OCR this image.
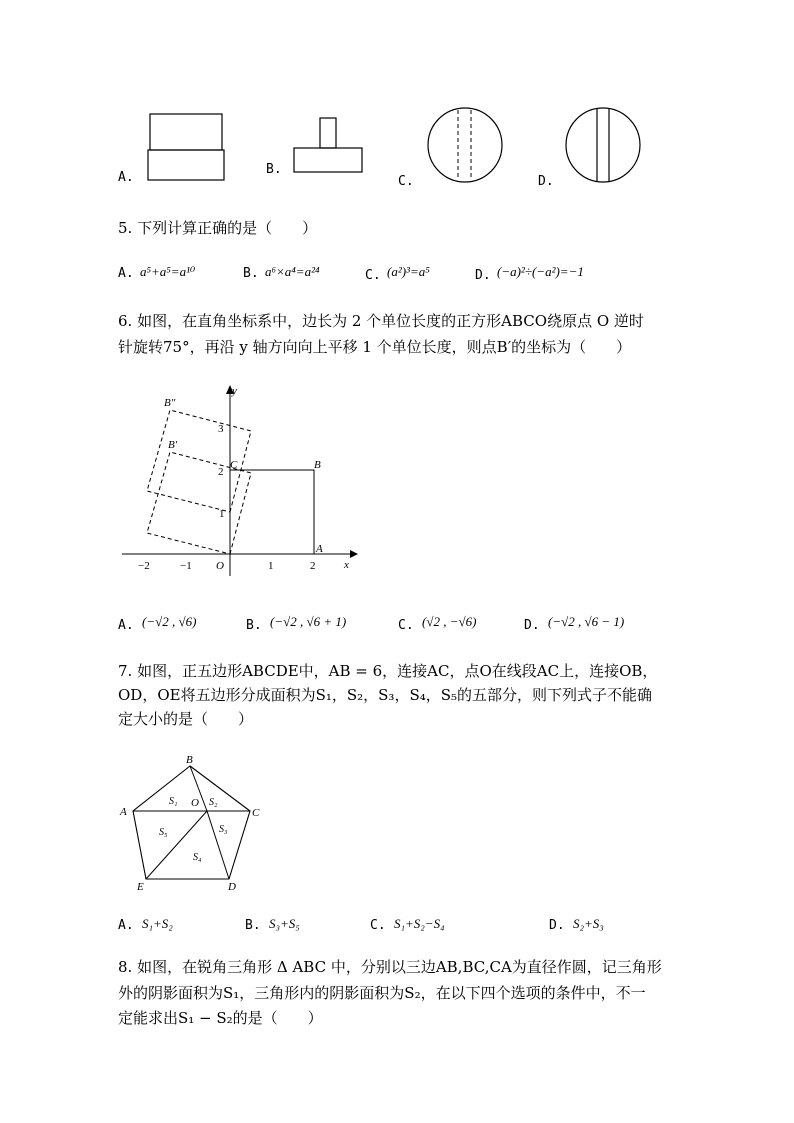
A.
B.
C.	D.
5. 下列计算正确的是（　　）
A. a⁵+a⁵=a¹⁰	B. a⁶×a⁴=a²⁴	C. (a²)³=a⁵	D. (−a)²÷(−a²)=−1
6. 如图，在直角坐标系中，边长为 2 个单位长度的正方形ABCO绕原点 O 逆时
针旋转75°，再沿 y 轴方向向上平移 1 个单位长度，则点B′的坐标为（　　）
x
y
−2	−1	1	2
1
2
3
B″
B′
C	B
O
A
A. (−√2 , √6)	B. (−√2 , √6 + 1)	C. (√2 , −√6)	D. (−√2 , √6 − 1)
7. 如图，正五边形ABCDE中，AB = 6，连接AC，点O在线段AC上，连接OB，
OD，OE将五边形分成面积为S₁，S₂，S₃，S₄，S₅的五部分，则下列式子不能确
定大小的是（　　）
A
B
C
D
E
O
S₁	S₂
S₃
S₄
S₅
A. S₁+S₂	B. S₃+S₅	C. S₁+S₂−S₄	D. S₂+S₃
8. 如图，在锐角三角形 Δ ABC 中，分别以三边AB,BC,CA为直径作圆，记三角形
外的阴影面积为S₁，三角形内的阴影面积为S₂，在以下四个选项的条件中，不一
定能求出S₁ − S₂的是（　　）
